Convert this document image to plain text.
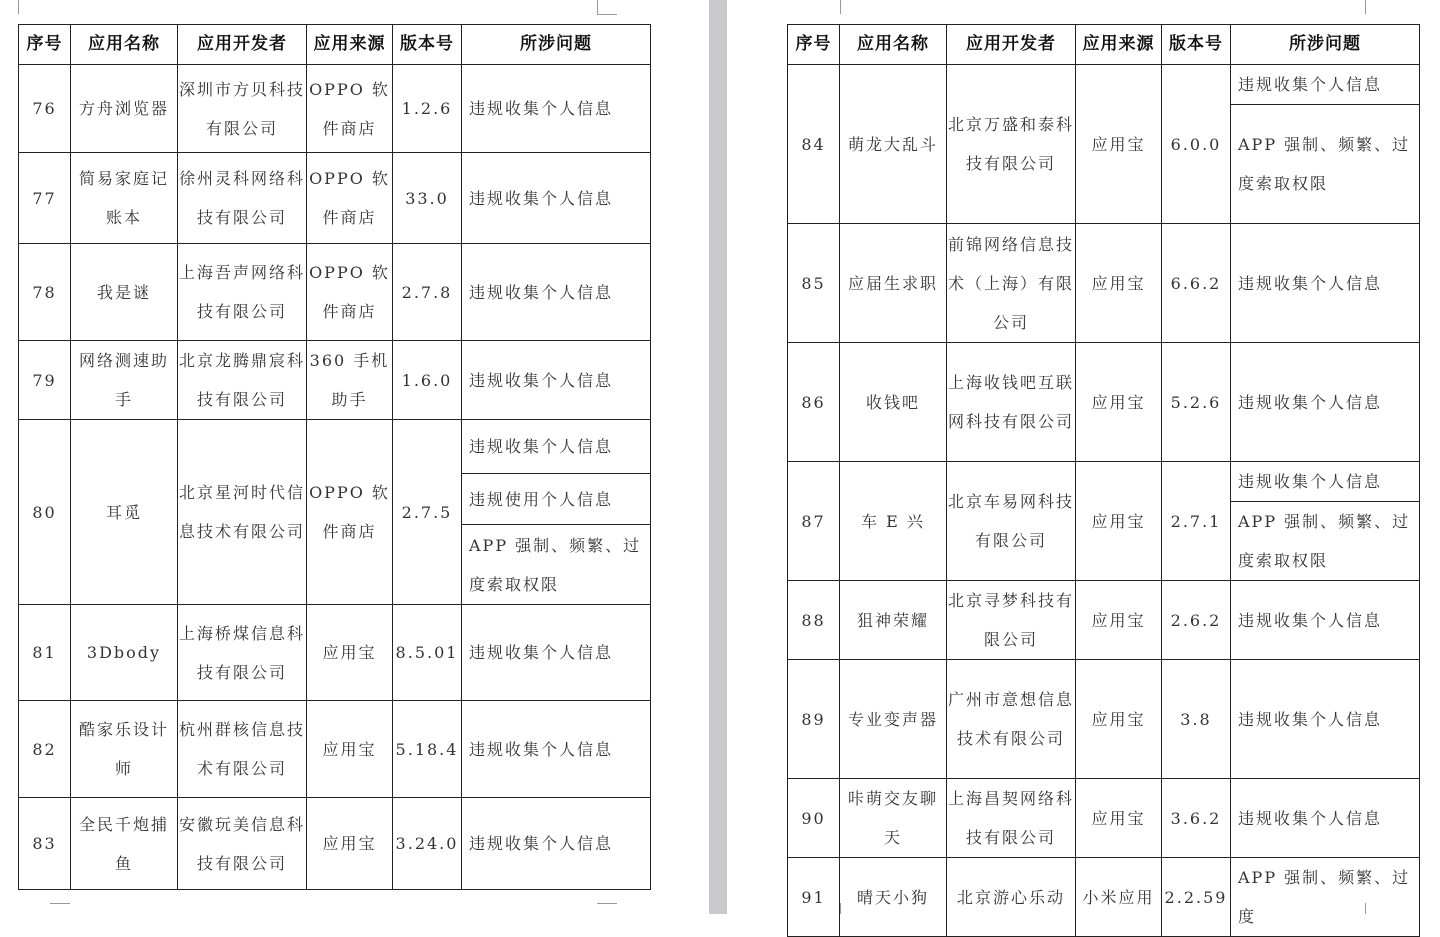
序号	应用名称	应用开发者	应用来源	版本号	所涉问题
76	方舟浏览器	深圳市方贝科技有限公司	OPPO 软件商店	1.2.6	违规收集个人信息
77	简易家庭记账本	徐州灵科网络科技有限公司	OPPO 软件商店	33.0	违规收集个人信息
78	我是谜	上海吾声网络科技有限公司	OPPO 软件商店	2.7.8	违规收集个人信息
79	网络测速助手	北京龙腾鼎宸科技有限公司	360 手机助手	1.6.0	违规收集个人信息
80	耳觅	北京星河时代信息技术有限公司	OPPO 软件商店	2.7.5	违规收集个人信息
					违规使用个人信息
					APP 强制、频繁、过度索取权限
81	3Dbody	上海桥煤信息科技有限公司	应用宝	8.5.01	违规收集个人信息
82	酷家乐设计师	杭州群核信息技术有限公司	应用宝	5.18.4	违规收集个人信息
83	全民千炮捕鱼	安徽玩美信息科技有限公司	应用宝	3.24.0	违规收集个人信息
序号	应用名称	应用开发者	应用来源	版本号	所涉问题
84	萌龙大乱斗	北京万盛和泰科技有限公司	应用宝	6.0.0	违规收集个人信息
					APP 强制、频繁、过度索取权限
85	应届生求职	前锦网络信息技术（上海）有限公司	应用宝	6.6.2	违规收集个人信息
86	收钱吧	上海收钱吧互联网科技有限公司	应用宝	5.2.6	违规收集个人信息
87	车 E 兴	北京车易网科技有限公司	应用宝	2.7.1	违规收集个人信息
					APP 强制、频繁、过度索取权限
88	狙神荣耀	北京寻梦科技有限公司	应用宝	2.6.2	违规收集个人信息
89	专业变声器	广州市意想信息技术有限公司	应用宝	3.8	违规收集个人信息
90	咔萌交友聊天	上海昌契网络科技有限公司	应用宝	3.6.2	违规收集个人信息
91	晴天小狗	北京游心乐动	小米应用	2.2.59	APP 强制、频繁、过度
